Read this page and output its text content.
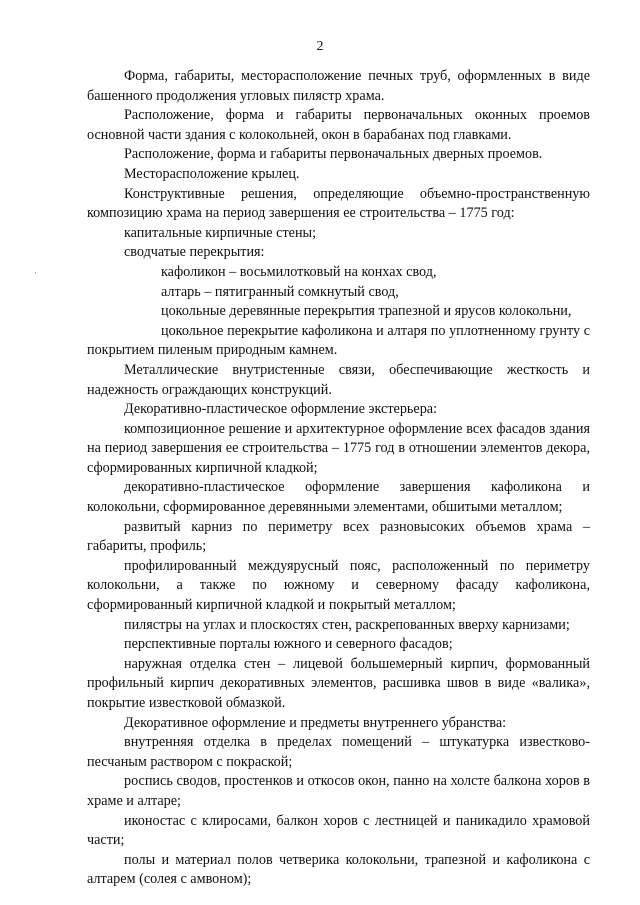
2
·

Форма, габариты, месторасположение печных труб, оформленных в виде башенного продолжения угловых пилястр храма.

Расположение, форма и габариты первоначальных оконных проемов основной части здания с колокольней, окон в барабанах под главками.

Расположение, форма и габариты первоначальных дверных проемов.

Месторасположение крылец.

Конструктивные решения, определяющие объемно-пространственную композицию храма на период завершения ее строительства – 1775 год:

капитальные кирпичные стены;

сводчатые перекрытия:

кафоликон – восьмилотковый на конхах свод,

алтарь – пятигранный сомкнутый свод,

цокольные деревянные перекрытия трапезной и ярусов колокольни,

цокольное перекрытие кафоликона и алтаря по уплотненному грунту с покрытием пиленым природным камнем.

Металлические внутристенные связи, обеспечивающие жесткость и надежность ограждающих конструкций.

Декоративно-пластическое оформление экстерьера:

композиционное решение и архитектурное оформление всех фасадов здания на период завершения ее строительства – 1775 год в отношении элементов декора, сформированных кирпичной кладкой;

декоративно-пластическое оформление завершения кафоликона и колокольни, сформированное деревянными элементами, обшитыми металлом;

развитый карниз по периметру всех разновысоких объемов храма – габариты, профиль;

профилированный междуярусный пояс, расположенный по периметру колокольни, а также по южному и северному фасаду кафоликона, сформированный кирпичной кладкой и покрытый металлом;

пилястры на углах и плоскостях стен, раскрепованных вверху карнизами;

перспективные порталы южного и северного фасадов;

наружная отделка стен – лицевой большемерный кирпич, формованный профильный кирпич декоративных элементов, расшивка швов в виде «валика», покрытие известковой обмазкой.

Декоративное оформление и предметы внутреннего убранства:

внутренняя отделка в пределах помещений – штукатурка известково-песчаным раствором с покраской;

роспись сводов, простенков и откосов окон, панно на холсте балкона хоров в храме и алтаре;

иконостас с клиросами, балкон хоров с лестницей и паникадило храмовой части;

полы и материал полов четверика колокольни, трапезной и кафоликона с алтарем (солея с амвоном);
